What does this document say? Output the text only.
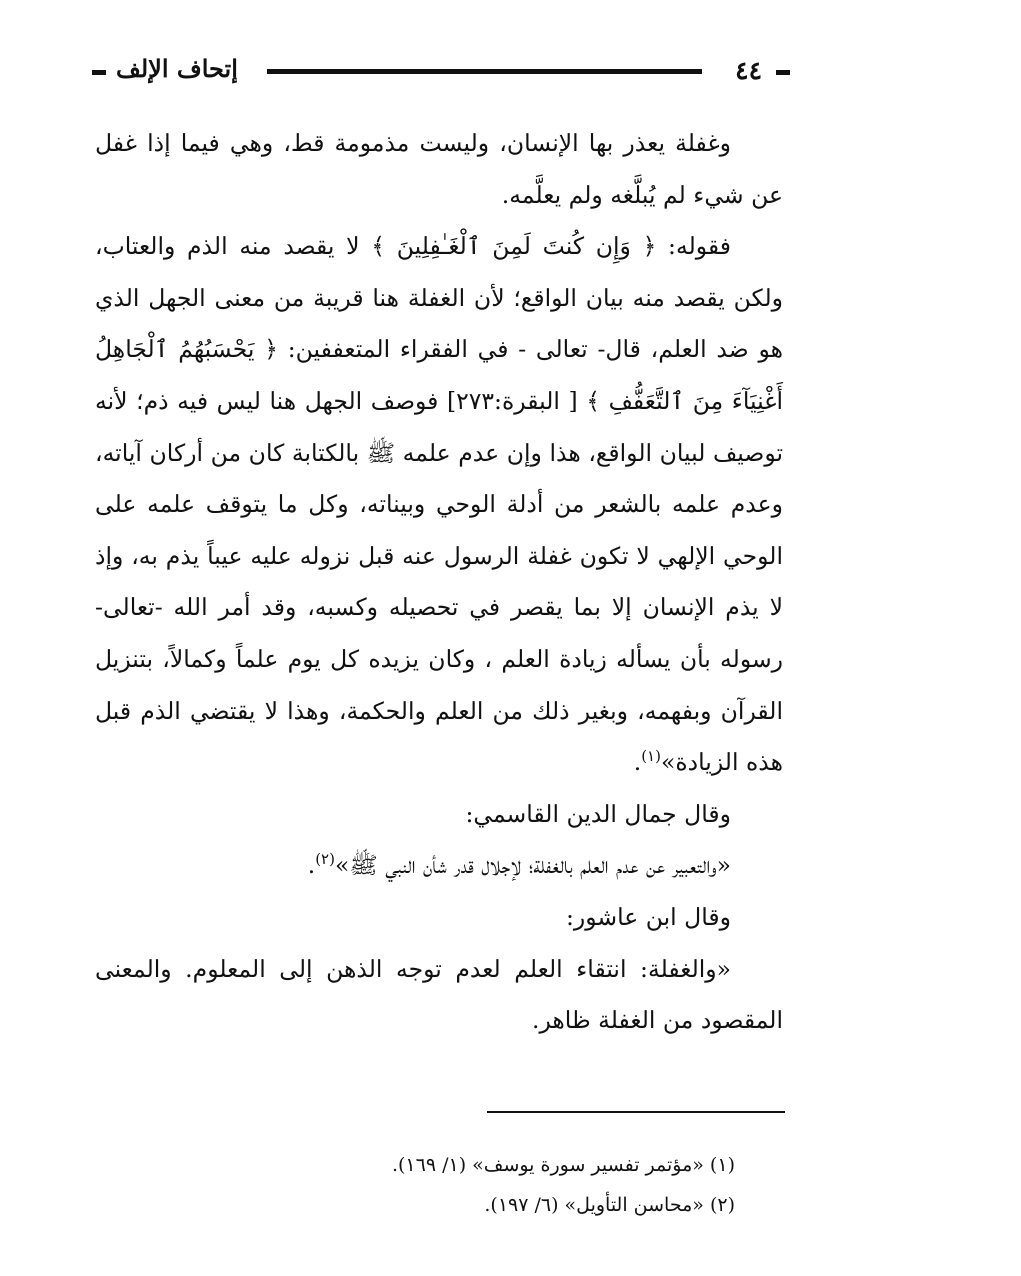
٤٤
إتحاف الإلف

وغفلة يعذر بها الإنسان، وليست مذمومة قط، وهي فيما إذا غفل عن شيء لم يُبلَّغه ولم يعلَّمه.

فقوله: ﴿ وَإِن كُنتَ لَمِنَ ٱلْغَـٰفِلِينَ ﴾ لا يقصد منه الذم والعتاب، ولكن يقصد منه بيان الواقع؛ لأن الغفلة هنا قريبة من معنى الجهل الذي هو ضد العلم، قال- تعالى - في الفقراء المتعففين: ﴿ يَحْسَبُهُمُ ٱلْجَاهِلُ أَغْنِيَآءَ مِنَ ٱلتَّعَفُّفِ ﴾ [ البقرة:٢٧٣] فوصف الجهل هنا ليس فيه ذم؛ لأنه توصيف لبيان الواقع، هذا وإن عدم علمه ﷺ بالكتابة كان من أركان آياته، وعدم علمه بالشعر من أدلة الوحي وبيناته، وكل ما يتوقف علمه على الوحي الإلهي لا تكون غفلة الرسول عنه قبل نزوله عليه عيباً يذم به، وإذ لا يذم الإنسان إلا بما يقصر في تحصيله وكسبه، وقد أمر الله -تعالى- رسوله بأن يسأله زيادة العلم ، وكان يزيده كل يوم علماً وكمالاً، بتنزيل القرآن وبفهمه، وبغير ذلك من العلم والحكمة، وهذا لا يقتضي الذم قبل هذه الزيادة»$^{(١)}$.

وقال جمال الدين القاسمي:

«والتعبير عن عدم العلم بالغفلة؛ لإجلال قدر شأن النبي ﷺ»$^{(٢)}$.

وقال ابن عاشور:

«والغفلة: انتقاء العلم لعدم توجه الذهن إلى المعلوم. والمعنى المقصود من الغفلة ظاهر.

(١) «مؤتمر تفسير سورة يوسف» (١/ ١٦٩).

(٢) «محاسن التأويل» (٦/ ١٩٧).
